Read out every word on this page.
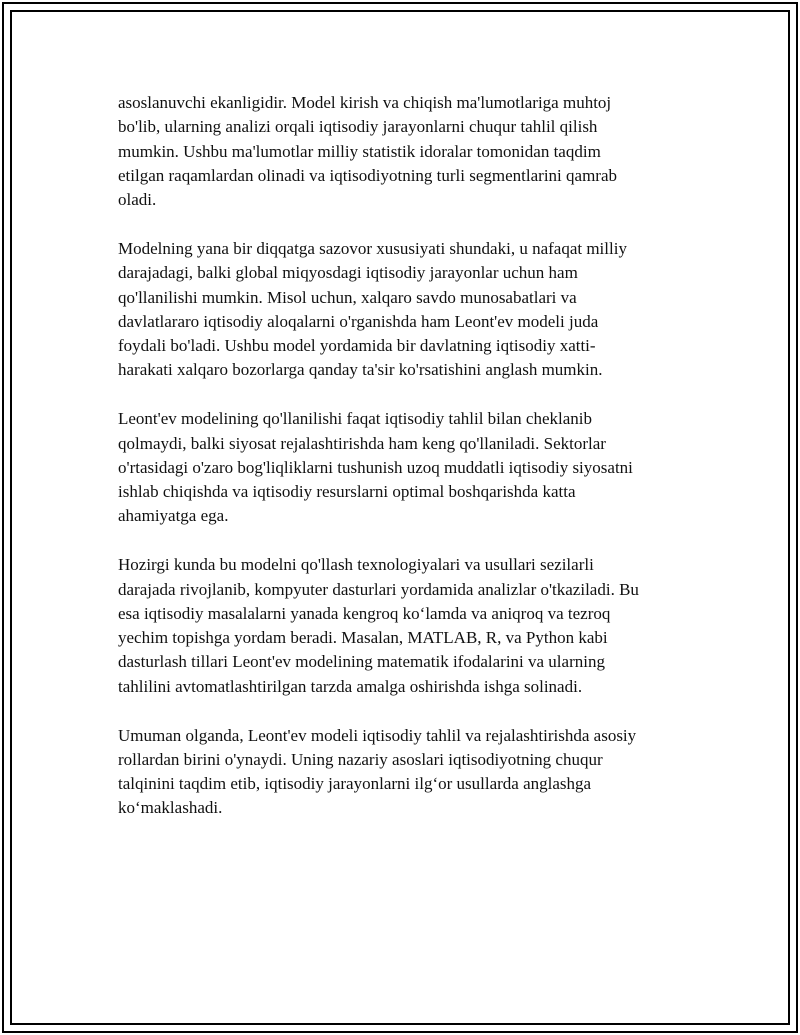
asoslanuvchi ekanligidir. Model kirish va chiqish ma'lumotlariga muhtoj
bo'lib, ularning analizi orqali iqtisodiy jarayonlarni chuqur tahlil qilish
mumkin. Ushbu ma'lumotlar milliy statistik idoralar tomonidan taqdim
etilgan raqamlardan olinadi va iqtisodiyotning turli segmentlarini qamrab
oladi.

Modelning yana bir diqqatga sazovor xususiyati shundaki, u nafaqat milliy
darajadagi, balki global miqyosdagi iqtisodiy jarayonlar uchun ham
qo'llanilishi mumkin. Misol uchun, xalqaro savdo munosabatlari va
davlatlararo iqtisodiy aloqalarni o'rganishda ham Leont'ev modeli juda
foydali bo'ladi. Ushbu model yordamida bir davlatning iqtisodiy xatti-
harakati xalqaro bozorlarga qanday ta'sir ko'rsatishini anglash mumkin.

Leont'ev modelining qo'llanilishi faqat iqtisodiy tahlil bilan cheklanib
qolmaydi, balki siyosat rejalashtirishda ham keng qo'llaniladi. Sektorlar
o'rtasidagi o'zaro bog'liqliklarni tushunish uzoq muddatli iqtisodiy siyosatni
ishlab chiqishda va iqtisodiy resurslarni optimal boshqarishda katta
ahamiyatga ega.

Hozirgi kunda bu modelni qo'llash texnologiyalari va usullari sezilarli
darajada rivojlanib, kompyuter dasturlari yordamida analizlar o'tkaziladi. Bu
esa iqtisodiy masalalarni yanada kengroq ko‘lamda va aniqroq va tezroq
yechim topishga yordam beradi. Masalan, MATLAB, R, va Python kabi
dasturlash tillari Leont'ev modelining matematik ifodalarini va ularning
tahlilini avtomatlashtirilgan tarzda amalga oshirishda ishga solinadi.

Umuman olganda, Leont'ev modeli iqtisodiy tahlil va rejalashtirishda asosiy
rollardan birini o'ynaydi. Uning nazariy asoslari iqtisodiyotning chuqur
talqinini taqdim etib, iqtisodiy jarayonlarni ilg‘or usullarda anglashga
ko‘maklashadi.
